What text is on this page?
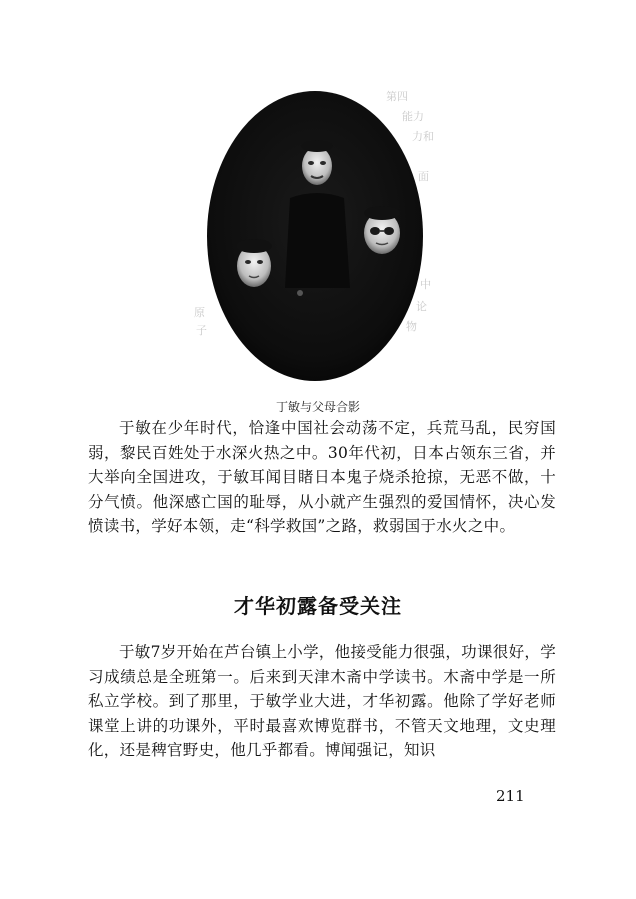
第四
能力
力和
面
中
论
物
原
子
丁敏与父母合影
于敏在少年时代，恰逢中国社会动荡不定，兵荒马乱，民穷国弱，黎民百姓处于水深火热之中。30年代初，日本占领东三省，并大举向全国进攻，于敏耳闻目睹日本鬼子烧杀抢掠，无恶不做，十分气愤。他深感亡国的耻辱，从小就产生强烈的爱国情怀，决心发愤读书，学好本领，走“科学救国”之路，救弱国于水火之中。
才华初露备受关注
于敏7岁开始在芦台镇上小学，他接受能力很强，功课很好，学习成绩总是全班第一。后来到天津木斋中学读书。木斋中学是一所私立学校。到了那里，于敏学业大进，才华初露。他除了学好老师课堂上讲的功课外，平时最喜欢博览群书，不管天文地理，文史理化，还是稗官野史，他几乎都看。博闻强记，知识
211
